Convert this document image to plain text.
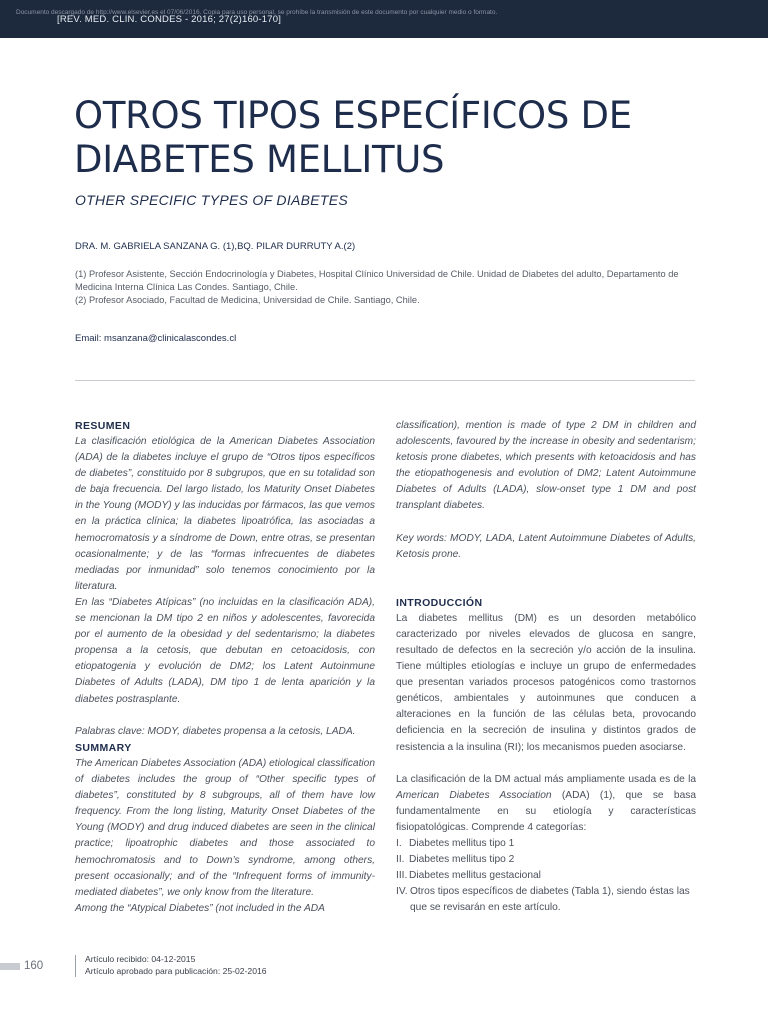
Documento descargado de http://www.elsevier.es el 07/06/2016. Copia para uso personal, se prohíbe la transmisión de este documento por cualquier medio o formato.
[REV. MED. CLIN. CONDES - 2016; 27(2)160-170]
OTROS TIPOS ESPECÍFICOS DE
DIABETES MELLITUS
OTHER SPECIFIC TYPES OF DIABETES
DRA. M. GABRIELA SANZANA G. (1),BQ. PILAR DURRUTY A.(2)

(1) Profesor Asistente, Sección Endocrinología y Diabetes, Hospital Clínico Universidad de Chile. Unidad de Diabetes del adulto, Departamento de Medicina Interna Clínica Las Condes. Santiago, Chile.

(2) Profesor Asociado, Facultad de Medicina, Universidad de Chile. Santiago, Chile.

Email: msanzana@clinicalascondes.cl

RESUMEN

La clasificación etiológica de la American Diabetes Association (ADA) de la diabetes incluye el grupo de “Otros tipos específicos de diabetes”, constituido por 8 subgrupos, que en su totalidad son de baja frecuencia. Del largo listado, los Maturity Onset Diabetes in the Young (MODY) y las inducidas por fármacos, las que vemos en la práctica clínica; la diabetes lipoatrófica, las asociadas a hemocromatosis y a síndrome de Down, entre otras, se presentan ocasionalmente; y de las “formas infrecuentes de diabetes mediadas por inmunidad” solo tenemos conocimiento por la literatura.

En las “Diabetes Atípicas” (no incluidas en la clasificación ADA), se mencionan la DM tipo 2 en niños y adolescentes, favorecida por el aumento de la obesidad y del sedentarismo; la diabetes propensa a la cetosis, que debutan en cetoacidosis, con etiopatogenia y evolución de DM2; los Latent Autoinmune Diabetes of Adults (LADA), DM tipo 1 de lenta aparición y la diabetes postrasplante.

Palabras clave: MODY, diabetes propensa a la cetosis, LADA.

SUMMARY

The American Diabetes Association (ADA) etiological classification of diabetes includes the group of “Other specific types of diabetes”, constituted by 8 subgroups, all of them have low frequency. From the long listing, Maturity Onset Diabetes of the Young (MODY) and drug induced diabetes are seen in the clinical practice; lipoatrophic diabetes and those associated to hemochromatosis and to Down’s syndrome, among others, present occasionally; and of the “Infrequent forms of immunity-mediated diabetes”, we only know from the literature.

Among the “Atypical Diabetes” (not included in the ADA

classification), mention is made of type 2 DM in children and adolescents, favoured by the increase in obesity and sedentarism; ketosis prone diabetes, which presents with ketoacidosis and has the etiopathogenesis and evolution of DM2; Latent Autoimmune Diabetes of Adults (LADA), slow-onset type 1 DM and post transplant diabetes.

Key words: MODY, LADA, Latent Autoimmune Diabetes of Adults, Ketosis prone.

INTRODUCCIÓN

La diabetes mellitus (DM) es un desorden metabólico caracterizado por niveles elevados de glucosa en sangre, resultado de defectos en la secreción y/o acción de la insulina. Tiene múltiples etiologías e incluye un grupo de enfermedades que presentan variados procesos patogénicos como trastornos genéticos, ambientales y autoinmunes que conducen a alteraciones en la función de las células beta, provocando deficiencia en la secreción de insulina y distintos grados de resistencia a la insulina (RI); los mecanismos pueden asociarse.

La clasificación de la DM actual más ampliamente usada es de la American Diabetes Association (ADA) (1), que se basa fundamentalmente en su etiología y características fisiopatológicas. Comprende 4 categorías:

I. Diabetes mellitus tipo 1
II. Diabetes mellitus tipo 2
III. Diabetes mellitus gestacional
IV. Otros tipos específicos de diabetes (Tabla 1), siendo éstas las que se revisarán en este artículo.
160
Artículo recibido: 04-12-2015
Artículo aprobado para publicación: 25-02-2016
